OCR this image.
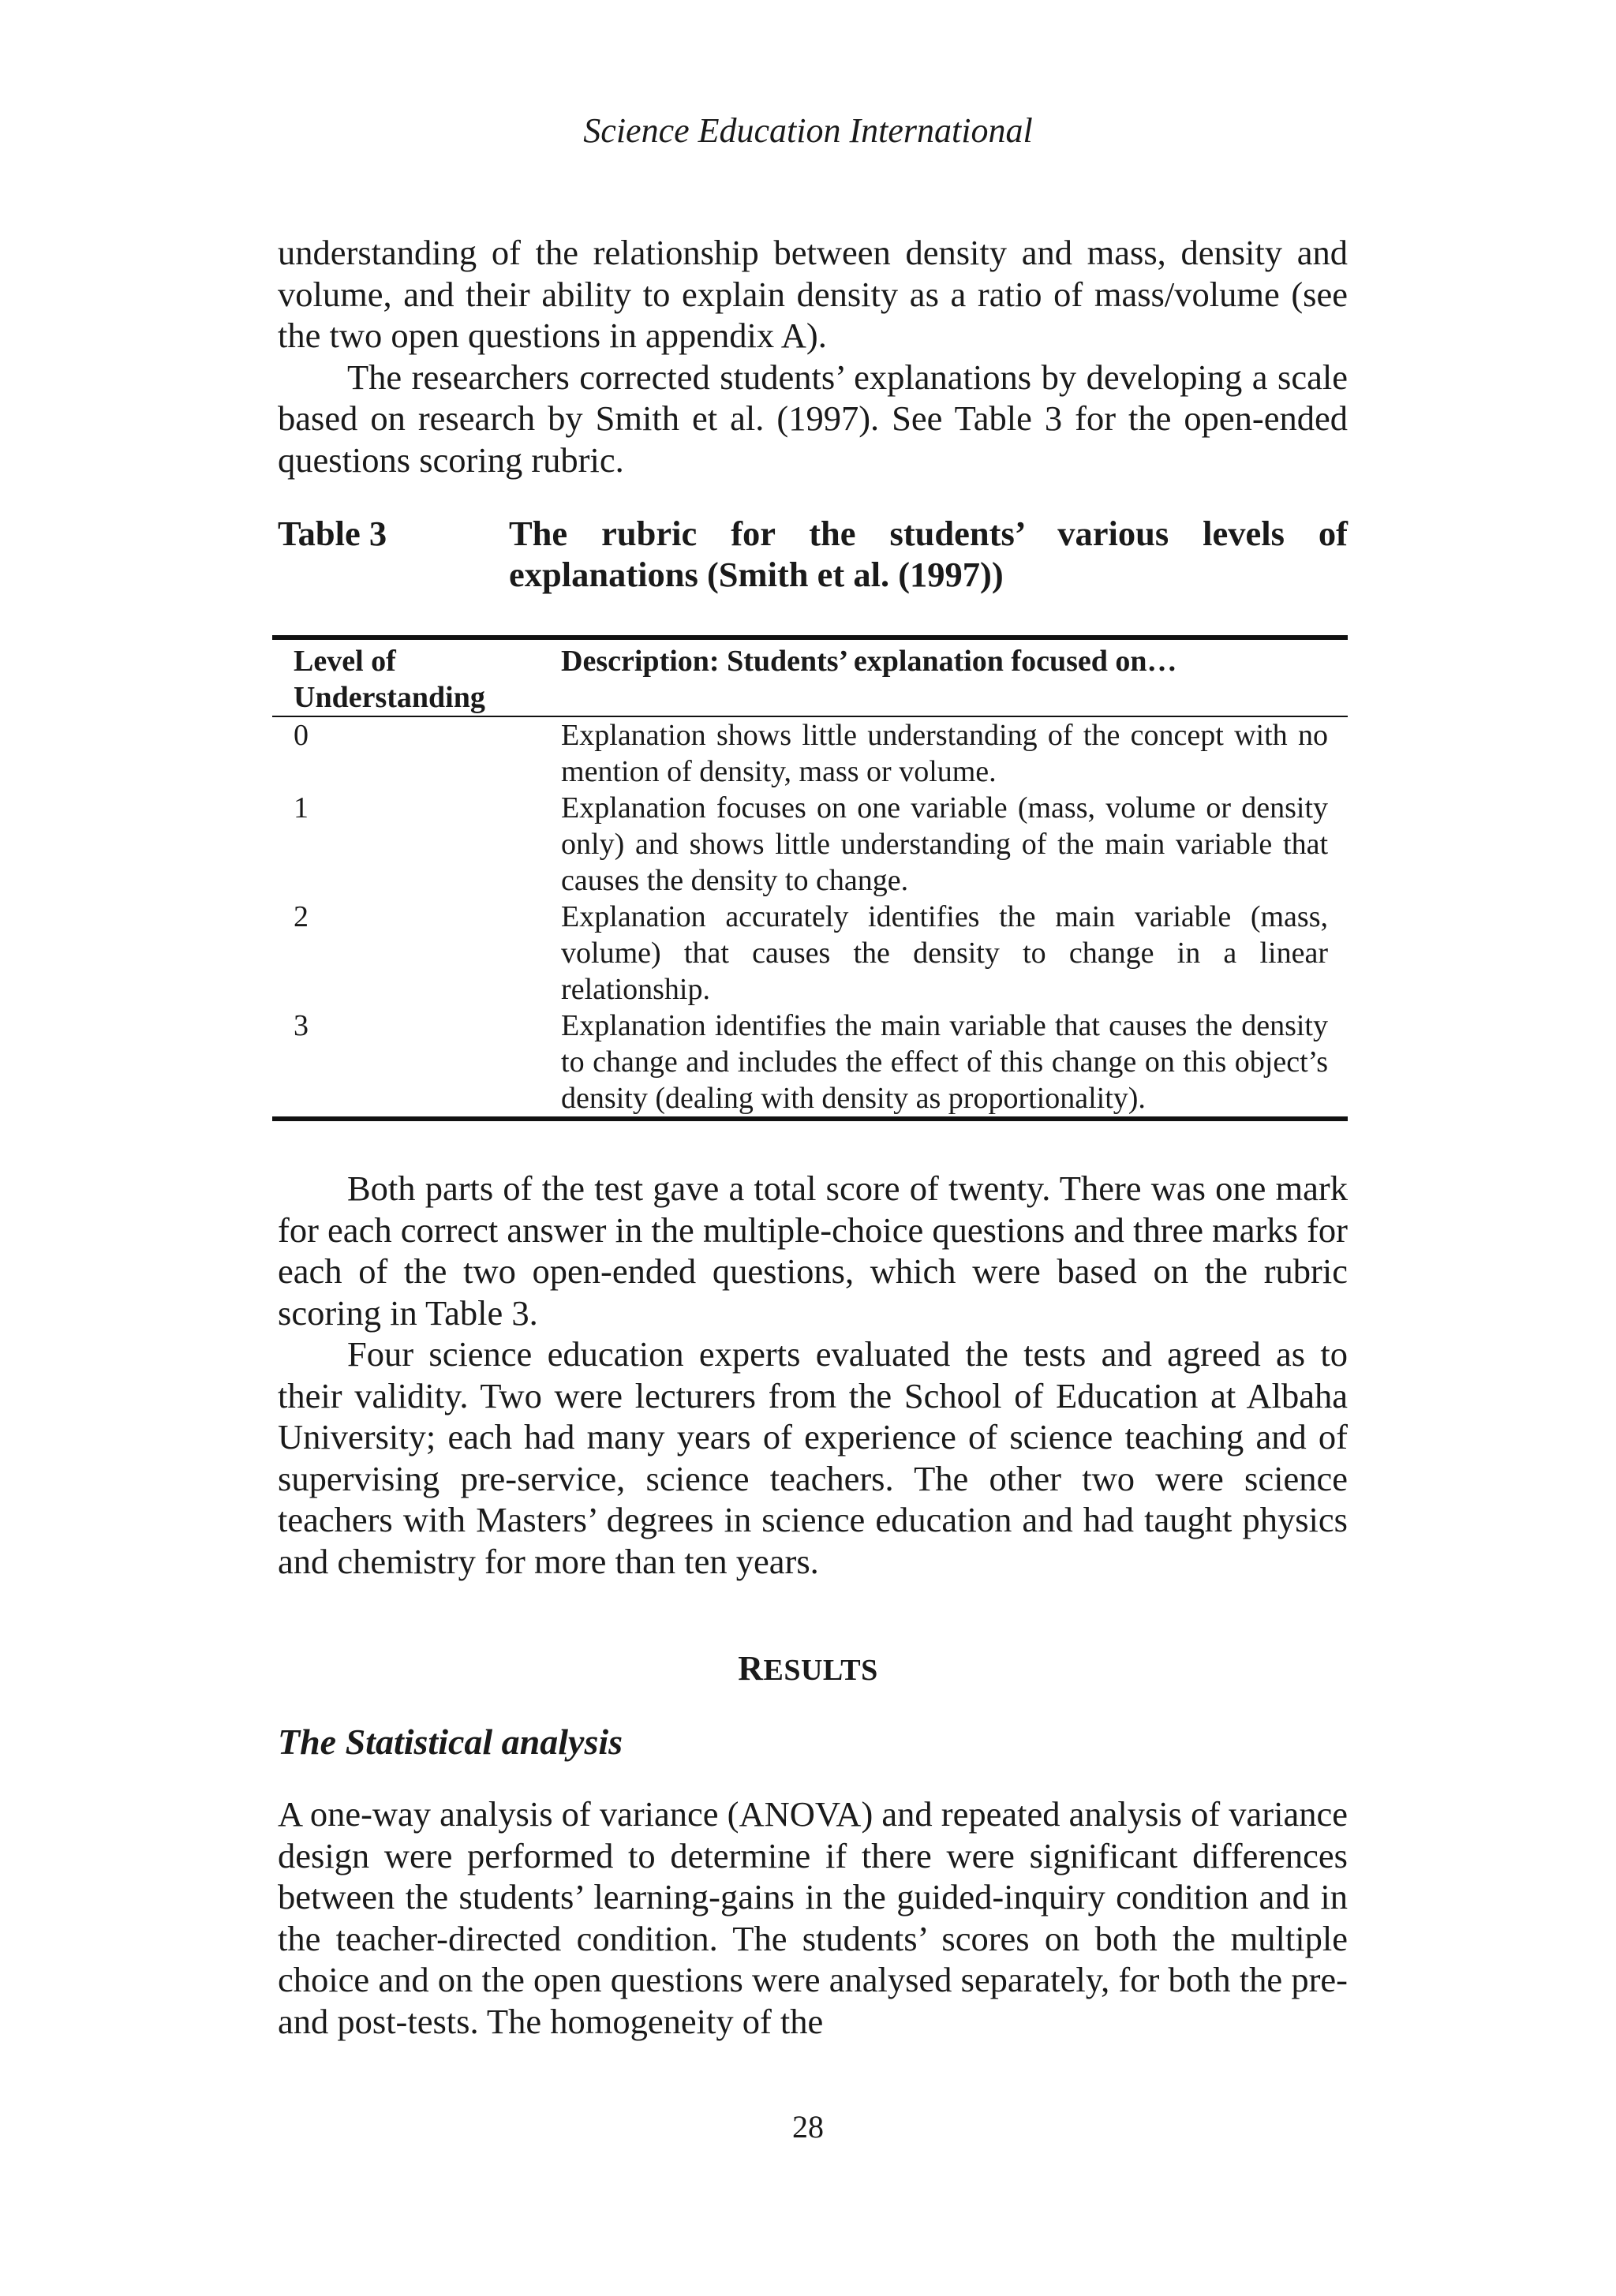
Science Education International

understanding of the relationship between density and mass, density and volume, and their ability to explain density as a ratio of mass/volume (see the two open questions in appendix A).

The researchers corrected students’ explanations by developing a scale based on research by Smith et al. (1997). See Table 3 for the open-ended questions scoring rubric.

Table 3	The rubric for the students’ various levels of explanations (Smith et al. (1997))
Level of Understanding	Description: Students’ explanation focused on…
0	Explanation shows little understanding of the concept with no mention of density, mass or volume.
1	Explanation focuses on one variable (mass, volume or density only) and shows little understanding of the main variable that causes the density to change.
2	Explanation accurately identifies the main variable (mass, volume) that causes the density to change in a linear relationship.
3	Explanation identifies the main variable that causes the density to change and includes the effect of this change on this object’s density (dealing with density as proportionality).

Both parts of the test gave a total score of twenty. There was one mark for each correct answer in the multiple-choice questions and three marks for each of the two open-ended questions, which were based on the rubric scoring in Table 3.

Four science education experts evaluated the tests and agreed as to their validity. Two were lecturers from the School of Education at Albaha University; each had many years of experience of science teaching and of supervising pre-service, science teachers. The other two were science teachers with Masters’ degrees in science education and had taught physics and chemistry for more than ten years.

RESULTS
The Statistical analysis

A one-way analysis of variance (ANOVA) and repeated analysis of variance design were performed to determine if there were significant differences between the students’ learning-gains in the guided-inquiry condition and in the teacher-directed condition. The students’ scores on both the multiple choice and on the open questions were analysed separately, for both the pre- and post-tests. The homogeneity of the

28
